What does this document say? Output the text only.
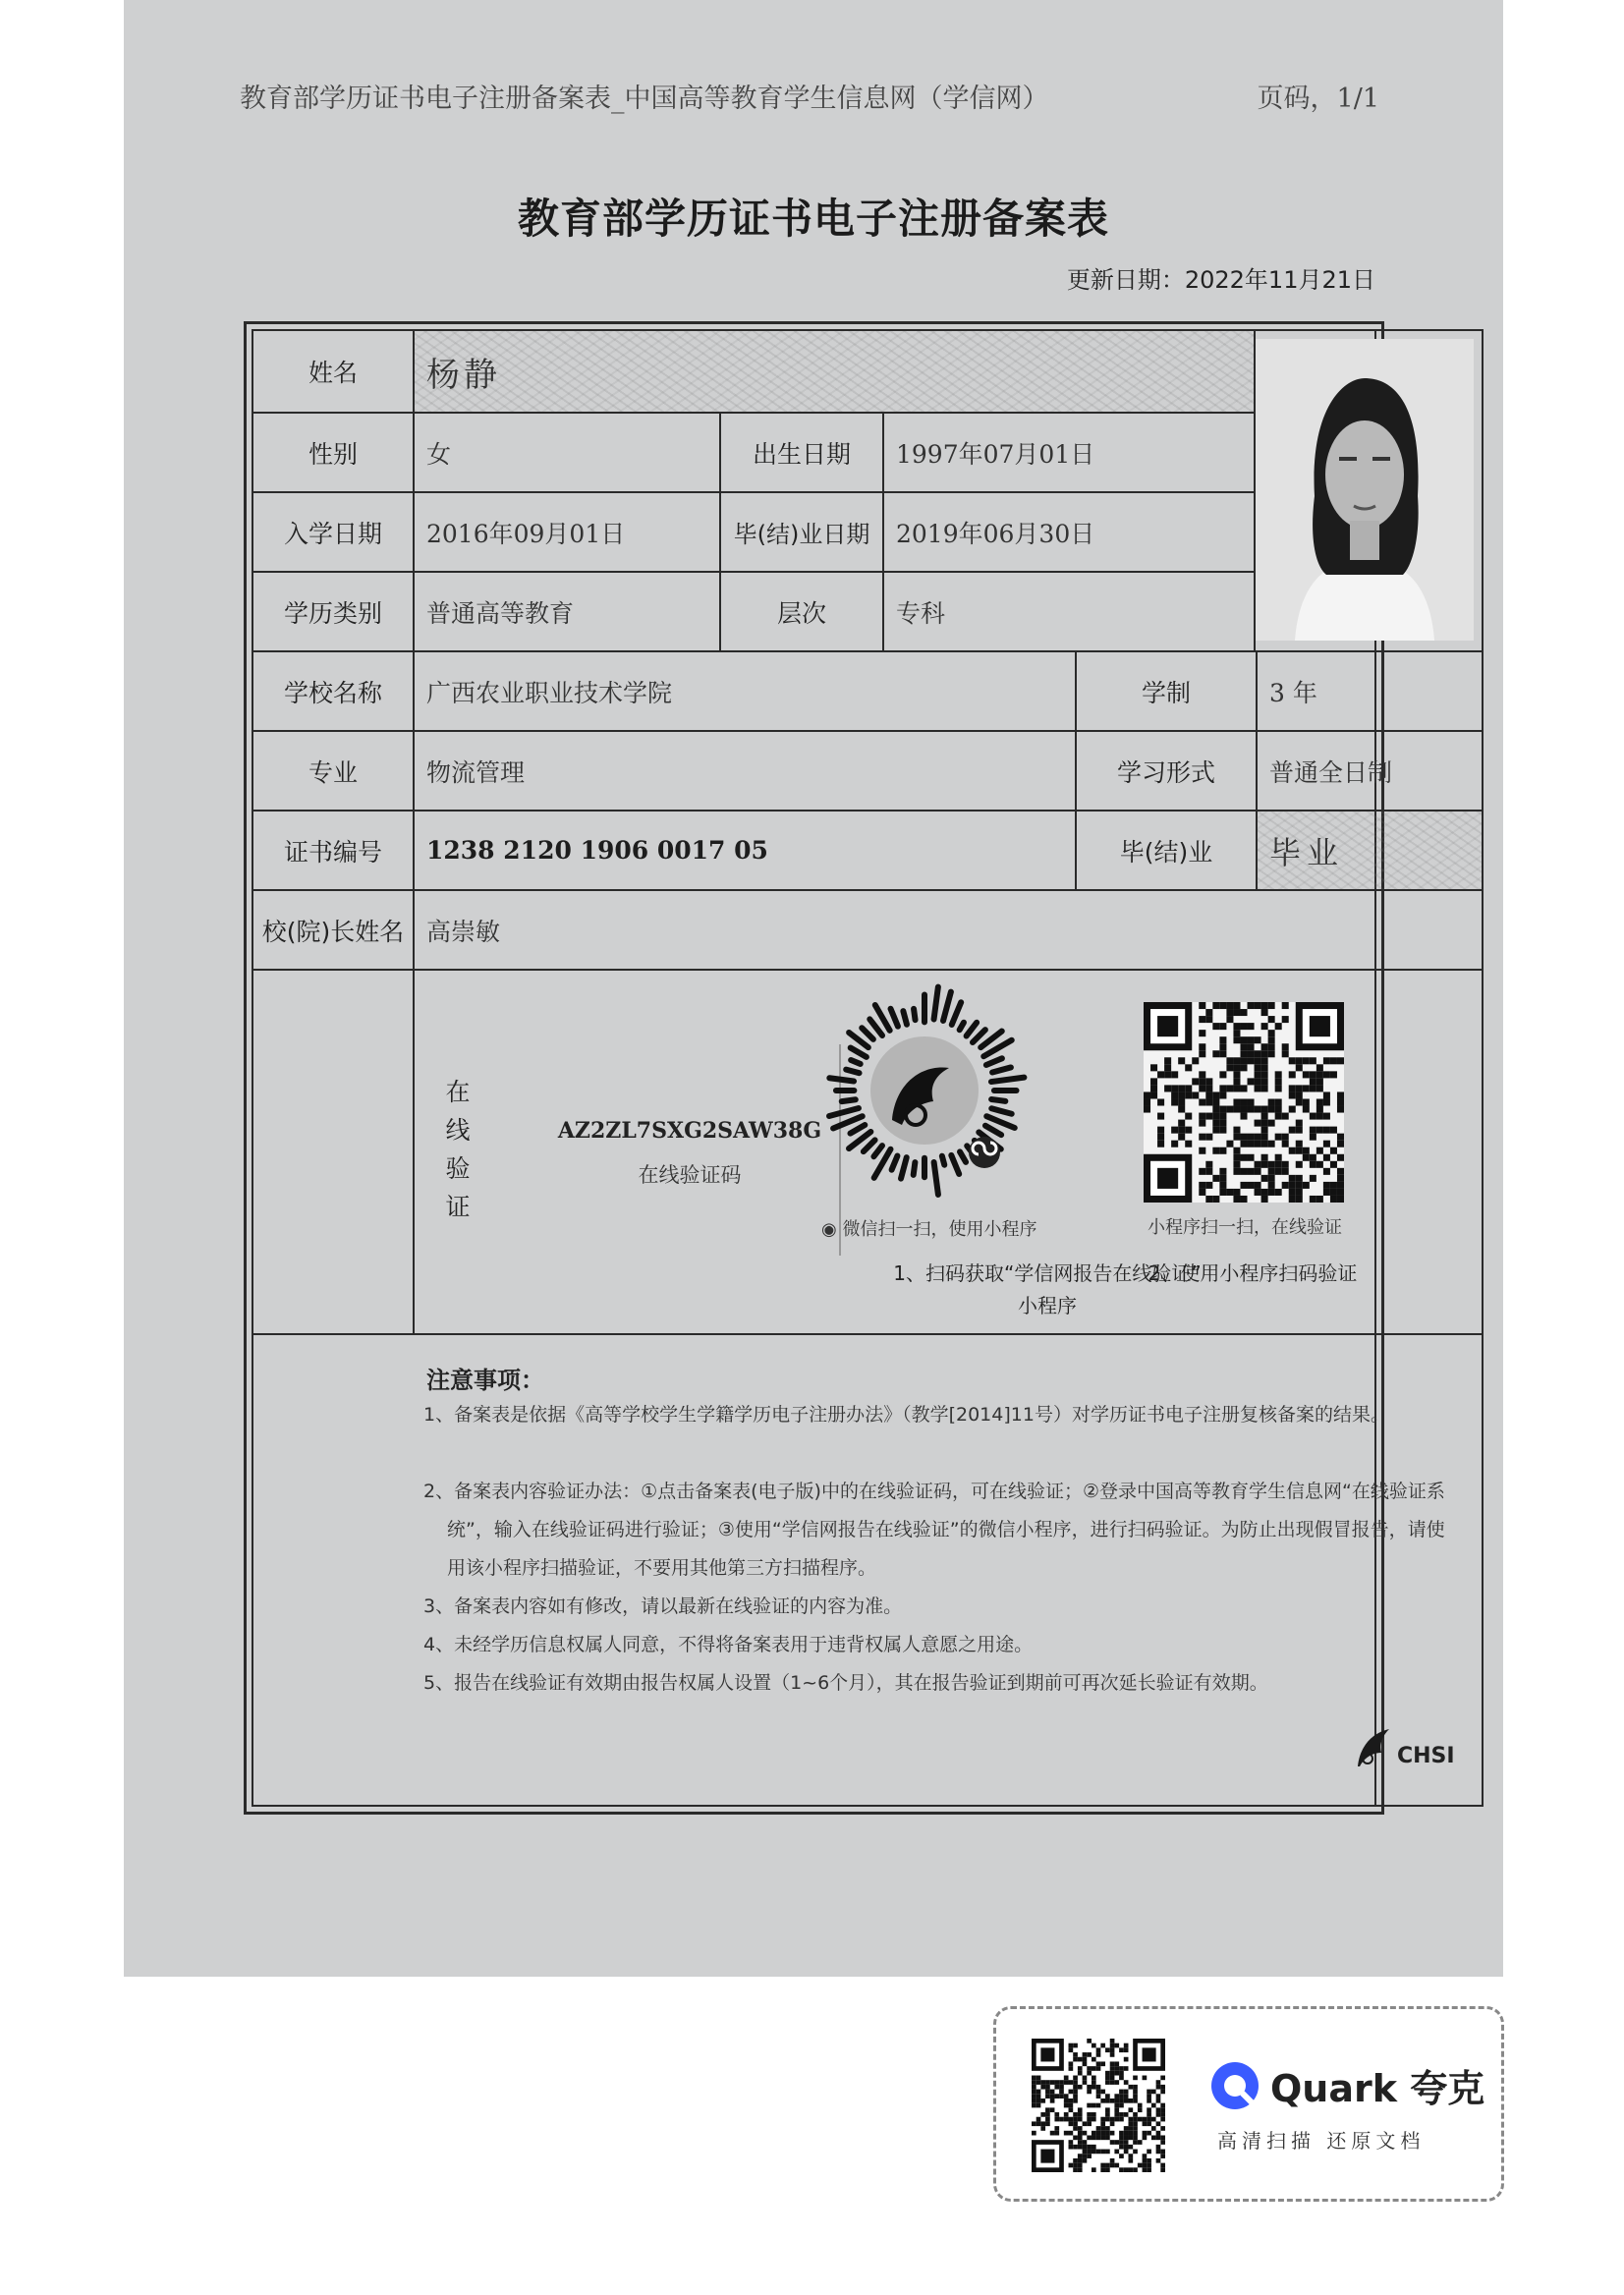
教育部学历证书电子注册备案表_中国高等教育学生信息网（学信网）	页码，1/1
教育部学历证书电子注册备案表
更新日期：2022年11月21日
姓名	杨静
性别	女	出生日期	1997年07月01日
入学日期	2016年09月01日	毕(结)业日期	2019年06月30日
学历类别	普通高等教育	层次	专科
学校名称	广西农业职业技术学院	学制	3 年
专业	物流管理	学习形式	普通全日制
证书编号	1238 2120 1906 0017 05	毕(结)业	毕业
校(院)长姓名 高崇敏
在
线
验
证
AZ2ZL7SXG2SAW38G
在线验证码
◉ 微信扫一扫，使用小程序
1、扫码获取“学信网报告在线验证”
小程序
小程序扫一扫，在线验证
2、使用小程序扫码验证
注意事项：
1、备案表是依据《高等学校学生学籍学历电子注册办法》（教学[2014]11号）对学历证书电子注册复核备案的结果。
2、备案表内容验证办法：①点击备案表(电子版)中的在线验证码，可在线验证；②登录中国高等教育学生信息网“在线验证系统”，输入在线验证码进行验证；③使用“学信网报告在线验证”的微信小程序，进行扫码验证。为防止出现假冒报告，请使用该小程序扫描验证，不要用其他第三方扫描程序。
3、备案表内容如有修改，请以最新在线验证的内容为准。
4、未经学历信息权属人同意，不得将备案表用于违背权属人意愿之用途。
5、报告在线验证有效期由报告权属人设置（1~6个月），其在报告验证到期前可再次延长验证有效期。
CHSI
Quark 夸克
高清扫描 还原文档
